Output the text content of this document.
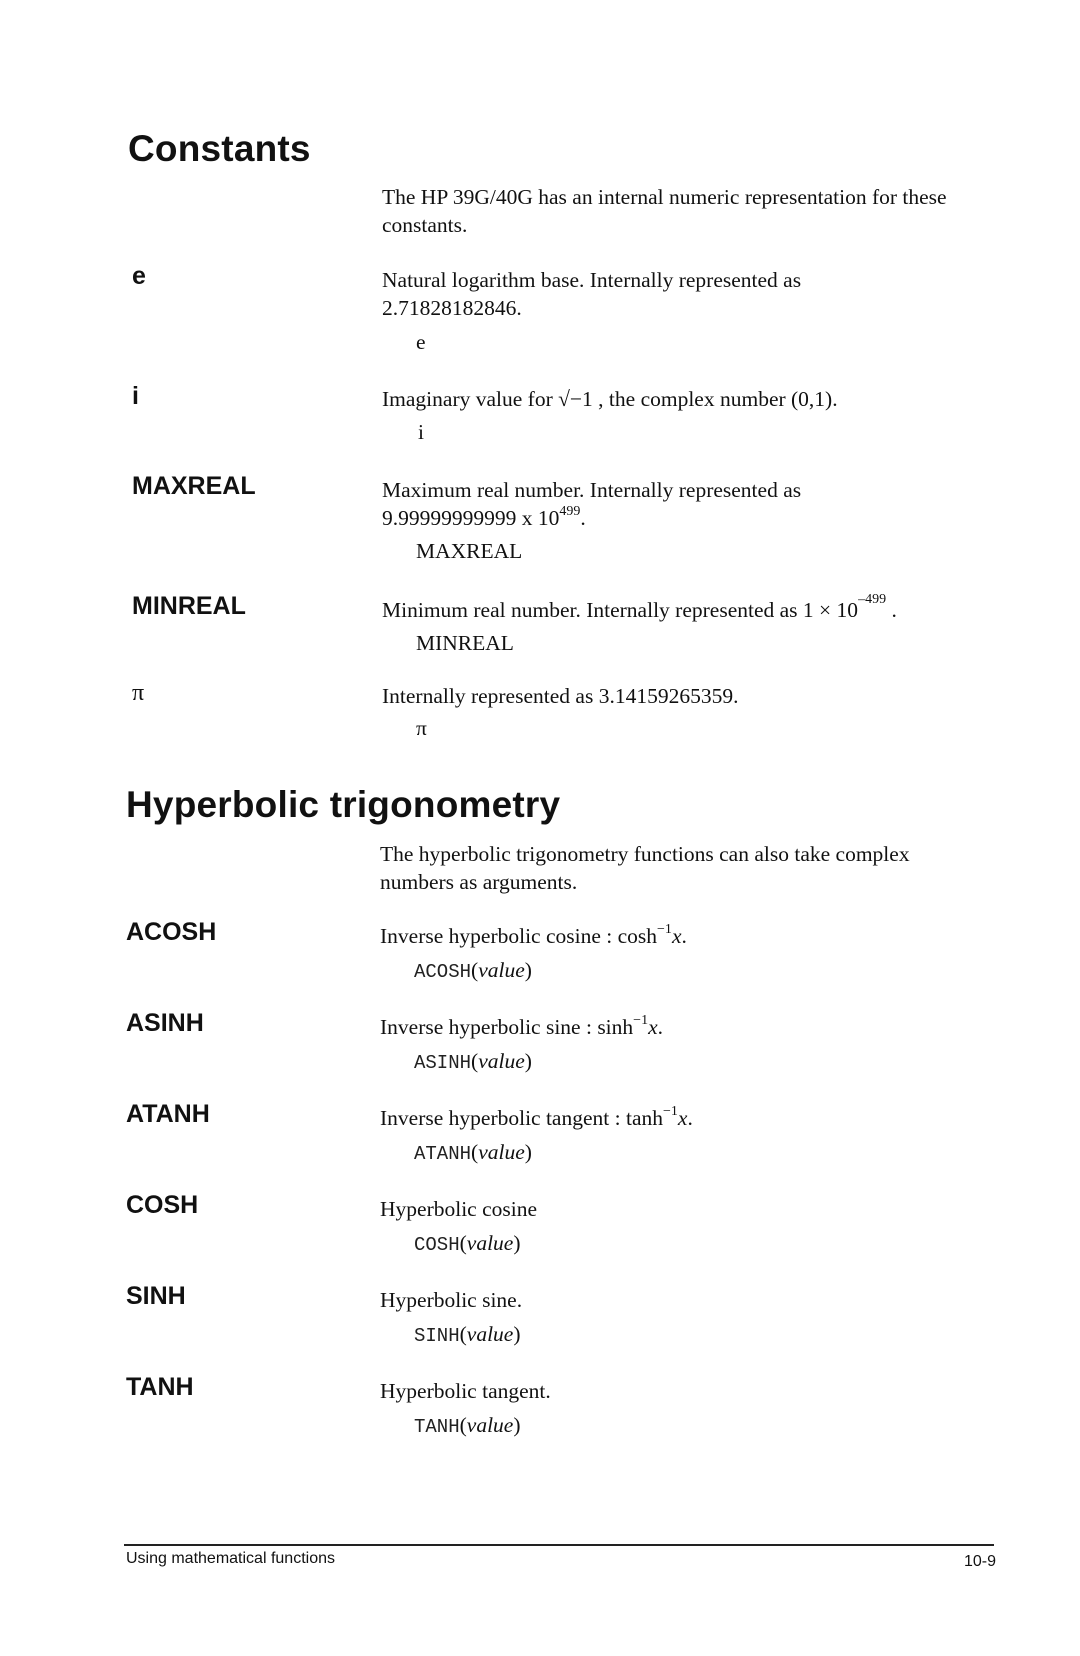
Constants
The HP 39G/40G has an internal numeric representation for these constants.
e	Natural logarithm base. Internally represented as
2.71828182846.
e
i	Imaginary value for √−1 , the complex number (0,1).
i
MAXREAL	Maximum real number. Internally represented as
9.99999999999 x $10^{499}$.
MAXREAL
MINREAL	Minimum real number. Internally represented as $1 \times 10^{-499}$ .
MINREAL
π	Internally represented as 3.14159265359.
π
Hyperbolic trigonometry
The hyperbolic trigonometry functions can also take complex numbers as arguments.
ACOSH	Inverse hyperbolic cosine : $\cosh^{-1}x$.
ACOSH(value)
ASINH	Inverse hyperbolic sine : $\sinh^{-1}x$.
ASINH(value)
ATANH	Inverse hyperbolic tangent : $\tanh^{-1}x$.
ATANH(value)
COSH	Hyperbolic cosine
COSH(value)
SINH	Hyperbolic sine.
SINH(value)
TANH	Hyperbolic tangent.
TANH(value)
Using mathematical functions	10-9
